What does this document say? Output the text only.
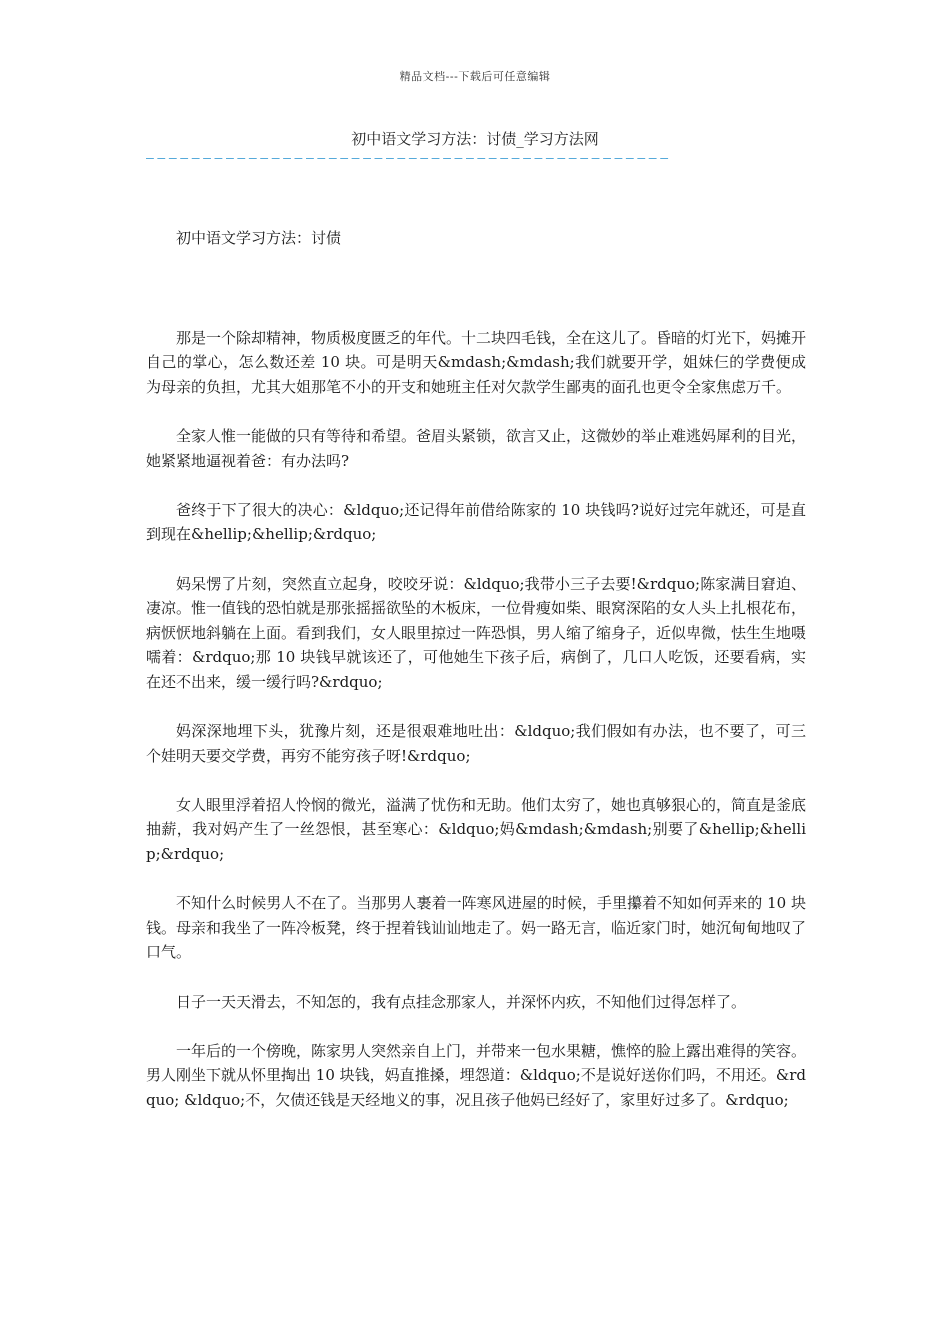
精品文档---下载后可任意编辑
初中语文学习方法：讨债_学习方法网
——————————————————————————————————————————————

初中语文学习方法：讨债

那是一个除却精神，物质极度匮乏的年代。十二块四毛钱，全在这儿了。昏暗的灯光下，妈摊开自己的掌心，怎么数还差 10 块。可是明天&mdash;&mdash;我们就要开学，姐妹仨的学费便成为母亲的负担，尤其大姐那笔不小的开支和她班主任对欠款学生鄙夷的面孔也更令全家焦虑万千。

全家人惟一能做的只有等待和希望。爸眉头紧锁，欲言又止，这微妙的举止难逃妈犀利的目光，她紧紧地逼视着爸：有办法吗?

爸终于下了很大的决心：&ldquo;还记得年前借给陈家的 10 块钱吗?说好过完年就还，可是直到现在&hellip;&hellip;&rdquo;

妈呆愣了片刻，突然直立起身，咬咬牙说：&ldquo;我带小三子去要!&rdquo;陈家满目窘迫、凄凉。惟一值钱的恐怕就是那张摇摇欲坠的木板床，一位骨瘦如柴、眼窝深陷的女人头上扎根花布，病恹恹地斜躺在上面。看到我们，女人眼里掠过一阵恐惧，男人缩了缩身子，近似卑微，怯生生地嗫嚅着：&rdquo;那 10 块钱早就该还了，可他她生下孩子后，病倒了，几口人吃饭，还要看病，实在还不出来，缓一缓行吗?&rdquo;

妈深深地埋下头，犹豫片刻，还是很艰难地吐出：&ldquo;我们假如有办法，也不要了，可三个娃明天要交学费，再穷不能穷孩子呀!&rdquo;

女人眼里浮着招人怜悯的微光，溢满了忧伤和无助。他们太穷了，她也真够狠心的，简直是釜底抽薪，我对妈产生了一丝怨恨，甚至寒心：&ldquo;妈&mdash;&mdash;别要了&hellip;&hellip;&rdquo;

不知什么时候男人不在了。当那男人裹着一阵寒风进屋的时候，手里攥着不知如何弄来的 10 块钱。母亲和我坐了一阵冷板凳，终于捏着钱讪讪地走了。妈一路无言，临近家门时，她沉甸甸地叹了口气。

日子一天天滑去，不知怎的，我有点挂念那家人，并深怀内疚，不知他们过得怎样了。

一年后的一个傍晚，陈家男人突然亲自上门，并带来一包水果糖，憔悴的脸上露出难得的笑容。男人刚坐下就从怀里掏出 10 块钱，妈直推搡，埋怨道：&ldquo;不是说好送你们吗，不用还。&rdquo; &ldquo;不，欠债还钱是天经地义的事，况且孩子他妈已经好了，家里好过多了。&rdquo;
